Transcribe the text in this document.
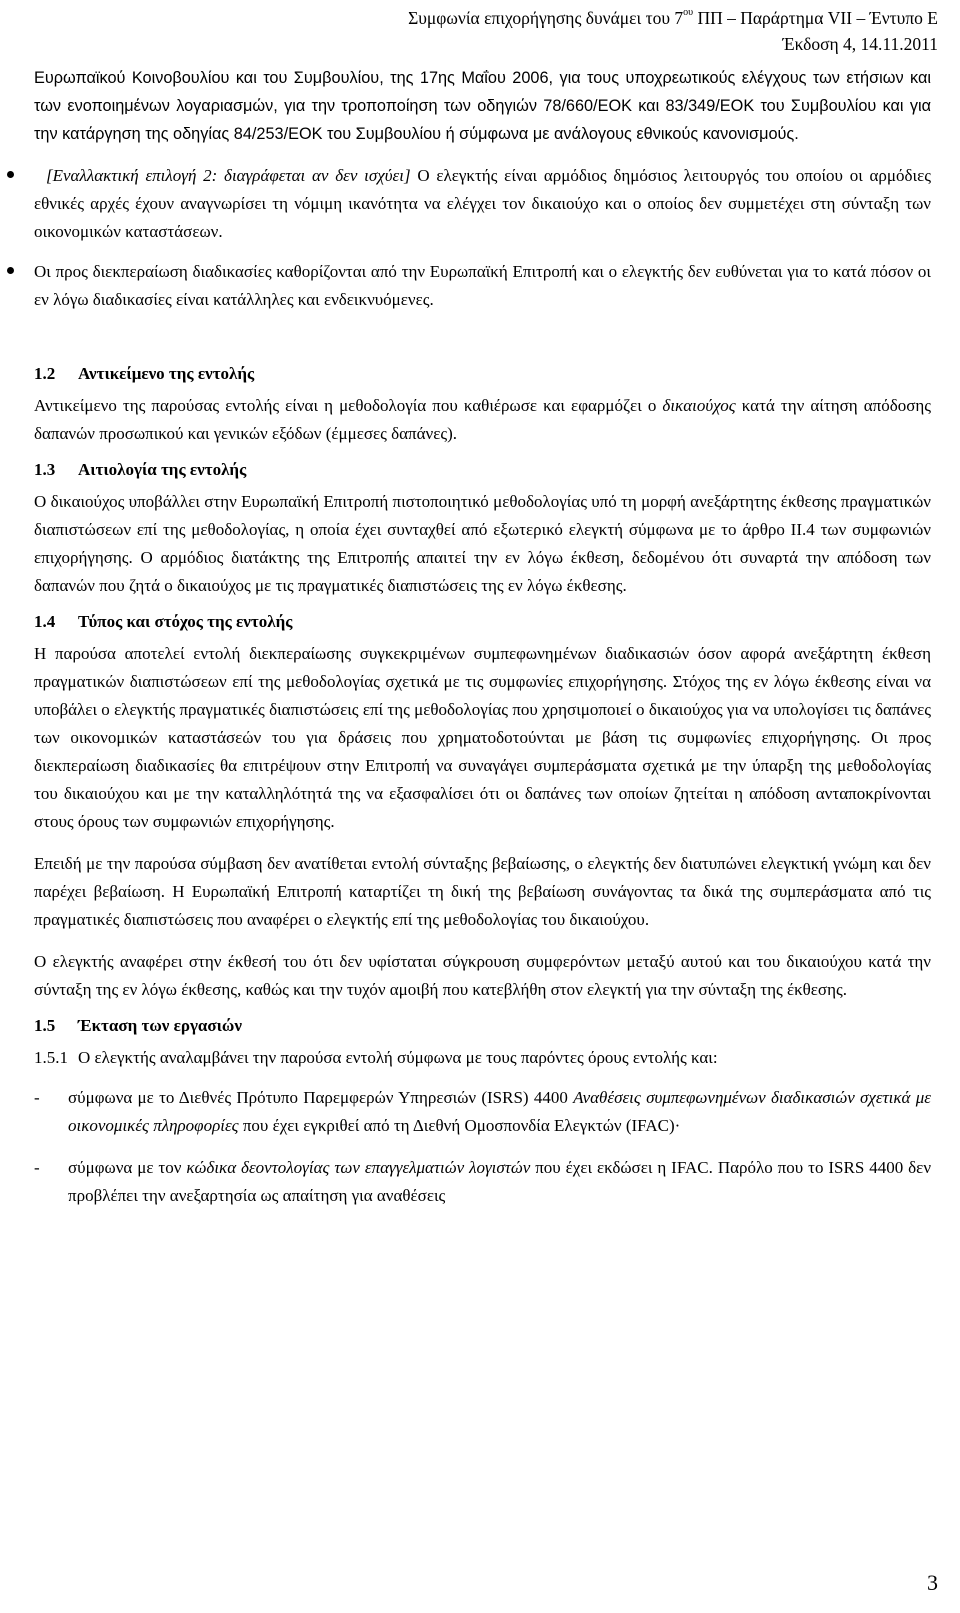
Συμφωνία επιχορήγησης δυνάμει του $7^{o\upsilon}$ ΠΠ – Παράρτημα VII – Έντυπο Ε
Έκδοση 4, 14.11.2011

Ευρωπαϊκού Κοινοβουλίου και του Συμβουλίου, της 17ης Μαΐου 2006, για τους υποχρεωτικούς ελέγχους των ετήσιων και των ενοποιημένων λογαριασμών, για την τροποποίηση των οδηγιών 78/660/ΕΟΚ και 83/349/ΕΟΚ του Συμβουλίου και για την κατάργηση της οδηγίας 84/253/ΕΟΚ του Συμβουλίου ή σύμφωνα με ανάλογους εθνικούς κανονισμούς.

[Εναλλακτική επιλογή 2: διαγράφεται αν δεν ισχύει] Ο ελεγκτής είναι αρμόδιος δημόσιος λειτουργός του οποίου οι αρμόδιες εθνικές αρχές έχουν αναγνωρίσει τη νόμιμη ικανότητα να ελέγχει τον δικαιούχο και ο οποίος δεν συμμετέχει στη σύνταξη των οικονομικών καταστάσεων.

Οι προς διεκπεραίωση διαδικασίες καθορίζονται από την Ευρωπαϊκή Επιτροπή και ο ελεγκτής δεν ευθύνεται για το κατά πόσον οι εν λόγω διαδικασίες είναι κατάλληλες και ενδεικνυόμενες.

1.2	Αντικείμενο της εντολής

Αντικείμενο της παρούσας εντολής είναι η μεθοδολογία που καθιέρωσε και εφαρμόζει ο δικαιούχος κατά την αίτηση απόδοσης δαπανών προσωπικού και γενικών εξόδων (έμμεσες δαπάνες).

1.3	Αιτιολογία της εντολής

Ο δικαιούχος υποβάλλει στην Ευρωπαϊκή Επιτροπή πιστοποιητικό μεθοδολογίας υπό τη μορφή ανεξάρτητης έκθεσης πραγματικών διαπιστώσεων επί της μεθοδολογίας, η οποία έχει συνταχθεί από εξωτερικό ελεγκτή σύμφωνα με το άρθρο II.4 των συμφωνιών επιχορήγησης. Ο αρμόδιος διατάκτης της Επιτροπής απαιτεί την εν λόγω έκθεση, δεδομένου ότι συναρτά την απόδοση των δαπανών που ζητά ο δικαιούχος με τις πραγματικές διαπιστώσεις της εν λόγω έκθεσης.

1.4	Τύπος και στόχος της εντολής

Η παρούσα αποτελεί εντολή διεκπεραίωσης συγκεκριμένων συμπεφωνημένων διαδικασιών όσον αφορά ανεξάρτητη έκθεση πραγματικών διαπιστώσεων επί της μεθοδολογίας σχετικά με τις συμφωνίες επιχορήγησης. Στόχος της εν λόγω έκθεσης είναι να υποβάλει ο ελεγκτής πραγματικές διαπιστώσεις επί της μεθοδολογίας που χρησιμοποιεί ο δικαιούχος για να υπολογίσει τις δαπάνες των οικονομικών καταστάσεών του για δράσεις που χρηματοδοτούνται με βάση τις συμφωνίες επιχορήγησης. Οι προς διεκπεραίωση διαδικασίες θα επιτρέψουν στην Επιτροπή να συναγάγει συμπεράσματα σχετικά με την ύπαρξη της μεθοδολογίας του δικαιούχου και με την καταλληλότητά της να εξασφαλίσει ότι οι δαπάνες των οποίων ζητείται η απόδοση ανταποκρίνονται στους όρους των συμφωνιών επιχορήγησης.

Επειδή με την παρούσα σύμβαση δεν ανατίθεται εντολή σύνταξης βεβαίωσης, ο ελεγκτής δεν διατυπώνει ελεγκτική γνώμη και δεν παρέχει βεβαίωση. Η Ευρωπαϊκή Επιτροπή καταρτίζει τη δική της βεβαίωση συνάγοντας τα δικά της συμπεράσματα από τις πραγματικές διαπιστώσεις που αναφέρει ο ελεγκτής επί της μεθοδολογίας του δικαιούχου.

Ο ελεγκτής αναφέρει στην έκθεσή του ότι δεν υφίσταται σύγκρουση συμφερόντων μεταξύ αυτού και του δικαιούχου κατά την σύνταξη της εν λόγω έκθεσης, καθώς και την τυχόν αμοιβή που κατεβλήθη στον ελεγκτή για την σύνταξη της έκθεσης.

1.5	Έκταση των εργασιών
1.5.1 Ο ελεγκτής αναλαμβάνει την παρούσα εντολή σύμφωνα με τους παρόντες όρους εντολής και:
-	σύμφωνα με το Διεθνές Πρότυπο Παρεμφερών Υπηρεσιών (ISRS) 4400 Αναθέσεις συμπεφωνημένων διαδικασιών σχετικά με οικονομικές πληροφορίες που έχει εγκριθεί από τη Διεθνή Ομοσπονδία Ελεγκτών (IFAC)·

-	σύμφωνα με τον κώδικα δεοντολογίας των επαγγελματιών λογιστών που έχει εκδώσει η IFAC. Παρόλο που το ISRS 4400 δεν προβλέπει την ανεξαρτησία ως απαίτηση για αναθέσεις

3
